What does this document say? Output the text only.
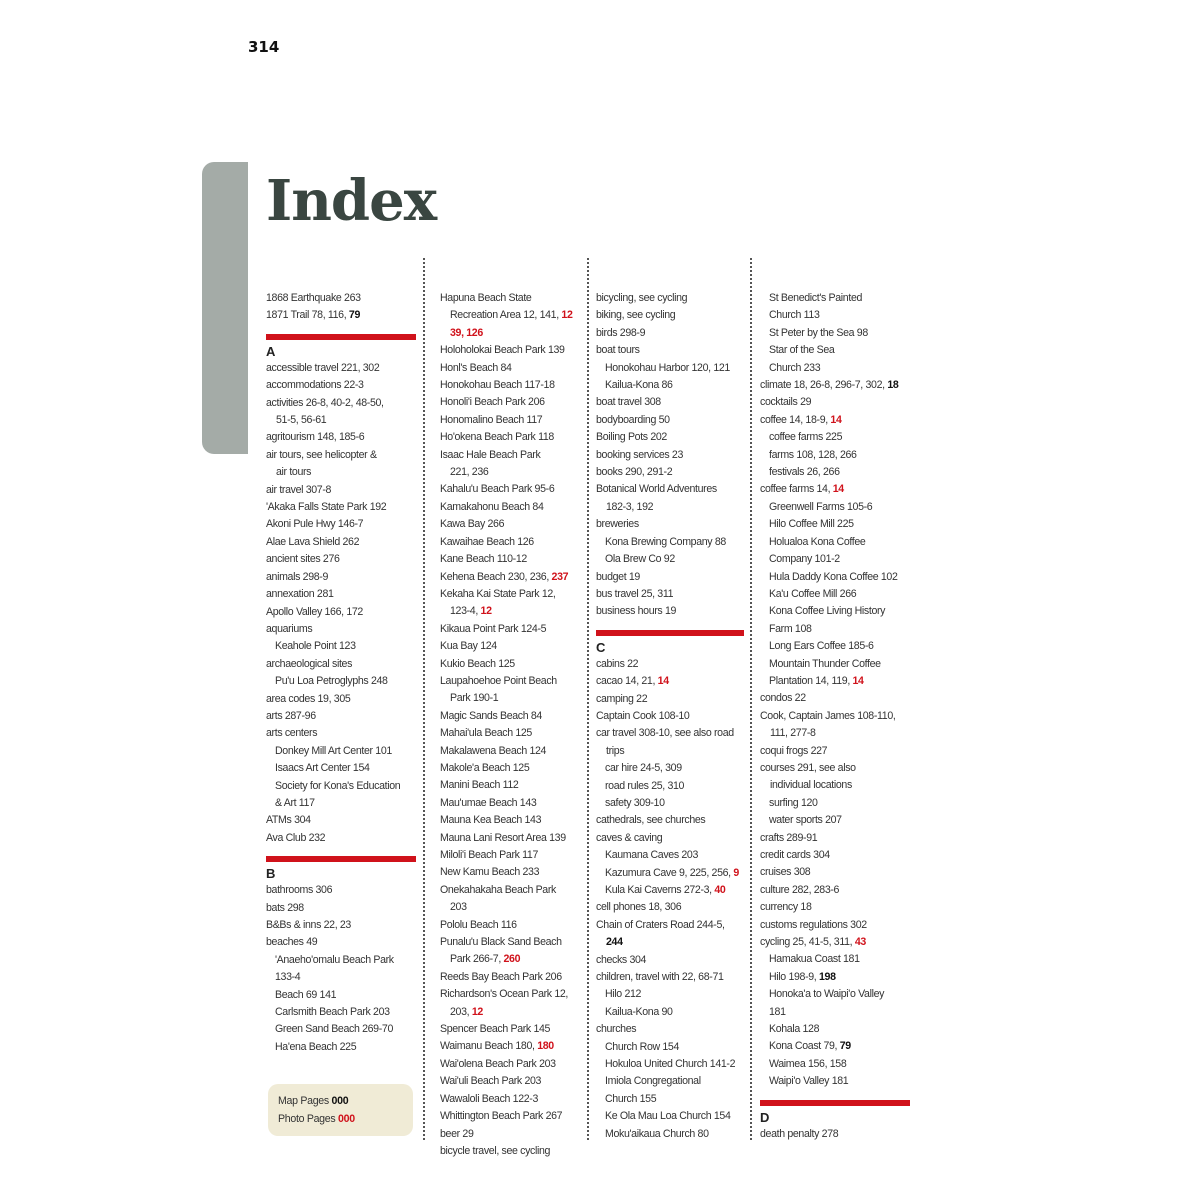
314
Index
1868 Earthquake 263
1871 Trail 78, 116, 79
A
accessible travel 221, 302
accommodations 22-3
activities 26-8, 40-2, 48-50,
51-5, 56-61
agritourism 148, 185-6
air tours, see helicopter &
air tours
air travel 307-8
'Akaka Falls State Park 192
Akoni Pule Hwy 146-7
Alae Lava Shield 262
ancient sites 276
animals 298-9
annexation 281
Apollo Valley 166, 172
aquariums
Keahole Point 123
archaeological sites
Pu'u Loa Petroglyphs 248
area codes 19, 305
arts 287-96
arts centers
Donkey Mill Art Center 101
Isaacs Art Center 154
Society for Kona's Education
& Art 117
ATMs 304
Ava Club 232
B
bathrooms 306
bats 298
B&Bs & inns 22, 23
beaches 49
'Anaeho'omalu Beach Park
133-4
Beach 69 141
Carlsmith Beach Park 203
Green Sand Beach 269-70
Ha'ena Beach 225
Hapuna Beach State
Recreation Area 12, 141, 12
39, 126
Holoholokai Beach Park 139
Honl's Beach 84
Honokohau Beach 117-18
Honoli'i Beach Park 206
Honomalino Beach 117
Ho'okena Beach Park 118
Isaac Hale Beach Park
221, 236
Kahalu'u Beach Park 95-6
Kamakahonu Beach 84
Kawa Bay 266
Kawaihae Beach 126
Kane Beach 110-12
Kehena Beach 230, 236, 237
Kekaha Kai State Park 12,
123-4, 12
Kikaua Point Park 124-5
Kua Bay 124
Kukio Beach 125
Laupahoehoe Point Beach
Park 190-1
Magic Sands Beach 84
Mahai'ula Beach 125
Makalawena Beach 124
Makole'a Beach 125
Manini Beach 112
Mau'umae Beach 143
Mauna Kea Beach 143
Mauna Lani Resort Area 139
Miloli'i Beach Park 117
New Kamu Beach 233
Onekahakaha Beach Park
203
Pololu Beach 116
Punalu'u Black Sand Beach
Park 266-7, 260
Reeds Bay Beach Park 206
Richardson's Ocean Park 12,
203, 12
Spencer Beach Park 145
Waimanu Beach 180, 180
Wai'olena Beach Park 203
Wai'uli Beach Park 203
Wawaloli Beach 122-3
Whittington Beach Park 267
beer 29
bicycle travel, see cycling
bicycling, see cycling
biking, see cycling
birds 298-9
boat tours
Honokohau Harbor 120, 121
Kailua-Kona 86
boat travel 308
bodyboarding 50
Boiling Pots 202
booking services 23
books 290, 291-2
Botanical World Adventures
182-3, 192
breweries
Kona Brewing Company 88
Ola Brew Co 92
budget 19
bus travel 25, 311
business hours 19
C
cabins 22
cacao 14, 21, 14
camping 22
Captain Cook 108-10
car travel 308-10, see also road
trips
car hire 24-5, 309
road rules 25, 310
safety 309-10
cathedrals, see churches
caves & caving
Kaumana Caves 203
Kazumura Cave 9, 225, 256, 9
Kula Kai Caverns 272-3, 40
cell phones 18, 306
Chain of Craters Road 244-5,
244
checks 304
children, travel with 22, 68-71
Hilo 212
Kailua-Kona 90
churches
Church Row 154
Hokuloa United Church 141-2
Imiola Congregational
Church 155
Ke Ola Mau Loa Church 154
Moku'aikaua Church 80
St Benedict's Painted
Church 113
St Peter by the Sea 98
Star of the Sea
Church 233
climate 18, 26-8, 296-7, 302, 18
cocktails 29
coffee 14, 18-9, 14
coffee farms 225
farms 108, 128, 266
festivals 26, 266
coffee farms 14, 14
Greenwell Farms 105-6
Hilo Coffee Mill 225
Holualoa Kona Coffee
Company 101-2
Hula Daddy Kona Coffee 102
Ka'u Coffee Mill 266
Kona Coffee Living History
Farm 108
Long Ears Coffee 185-6
Mountain Thunder Coffee
Plantation 14, 119, 14
condos 22
Cook, Captain James 108-110,
111, 277-8
coqui frogs 227
courses 291, see also
individual locations
surfing 120
water sports 207
crafts 289-91
credit cards 304
cruises 308
culture 282, 283-6
currency 18
customs regulations 302
cycling 25, 41-5, 311, 43
Hamakua Coast 181
Hilo 198-9, 198
Honoka'a to Waipi'o Valley
181
Kohala 128
Kona Coast 79, 79
Waimea 156, 158
Waipi'o Valley 181
D
death penalty 278
Map Pages 000
Photo Pages 000
